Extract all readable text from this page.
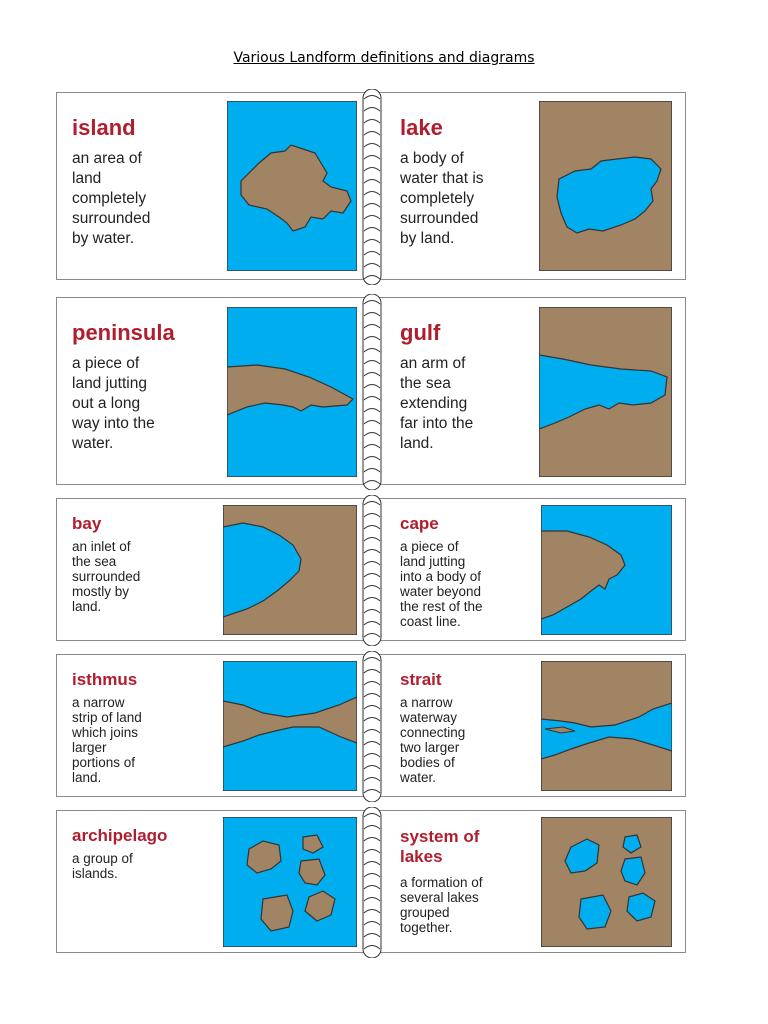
Various Landform definitions and diagrams
island
an area of
land
completely
surrounded
by water.
lake
a body of
water that is
completely
surrounded
by land.
peninsula
a piece of
land jutting
out a long
way into the
water.
gulf
an arm of
the sea
extending
far into the
land.
bay
an inlet of
the sea
surrounded
mostly by
land.
cape
a piece of
land jutting
into a body of
water beyond
the rest of the
coast line.
isthmus
a narrow
strip of land
which joins
larger
portions of
land.
strait
a narrow
waterway
connecting
two larger
bodies of
water.
archipelago
a group of
islands.
system of
lakes
a formation of
several lakes
grouped
together.
